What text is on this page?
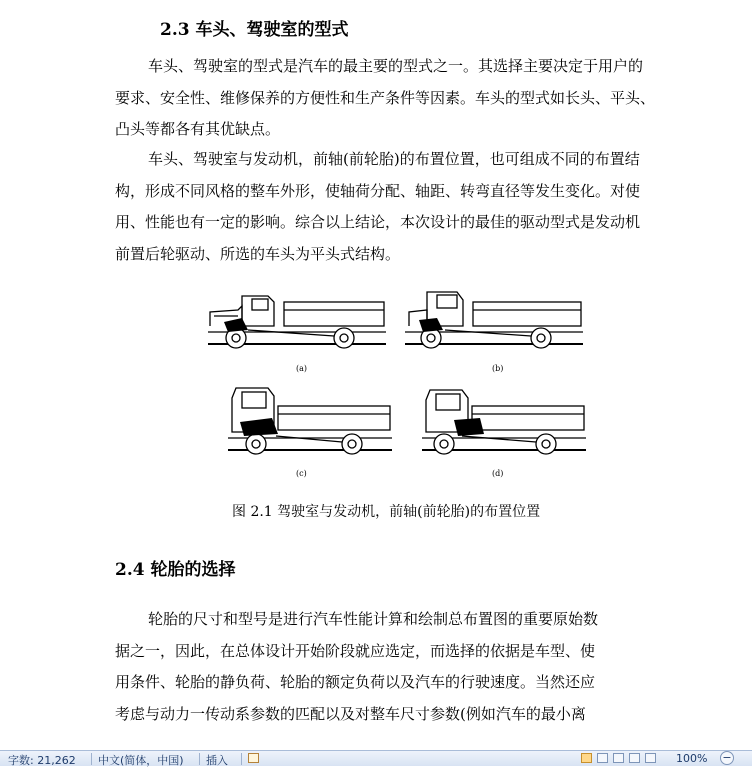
2.3 车头、驾驶室的型式
车头、驾驶室的型式是汽车的最主要的型式之一。其选择主要决定于用户的
要求、安全性、维修保养的方便性和生产条件等因素。车头的型式如长头、平头、
凸头等都各有其优缺点。
车头、驾驶室与发动机，前轴(前轮胎)的布置位置，也可组成不同的布置结
构，形成不同风格的整车外形，使轴荷分配、轴距、转弯直径等发生变化。对使
用、性能也有一定的影响。综合以上结论，本次设计的最佳的驱动型式是发动机
前置后轮驱动、所选的车头为平头式结构。
(a)	(b)
(c)	(d)
图 2.1 驾驶室与发动机，前轴(前轮胎)的布置位置
2.4 轮胎的选择
轮胎的尺寸和型号是进行汽车性能计算和绘制总布置图的重要原始数
据之一，因此，在总体设计开始阶段就应选定，而选择的依据是车型、使
用条件、轮胎的静负荷、轮胎的额定负荷以及汽车的行驶速度。当然还应
考虑与动力一传动系参数的匹配以及对整车尺寸参数(例如汽车的最小离
字数: 21,262 中文(简体，中国) 插入	100% −
